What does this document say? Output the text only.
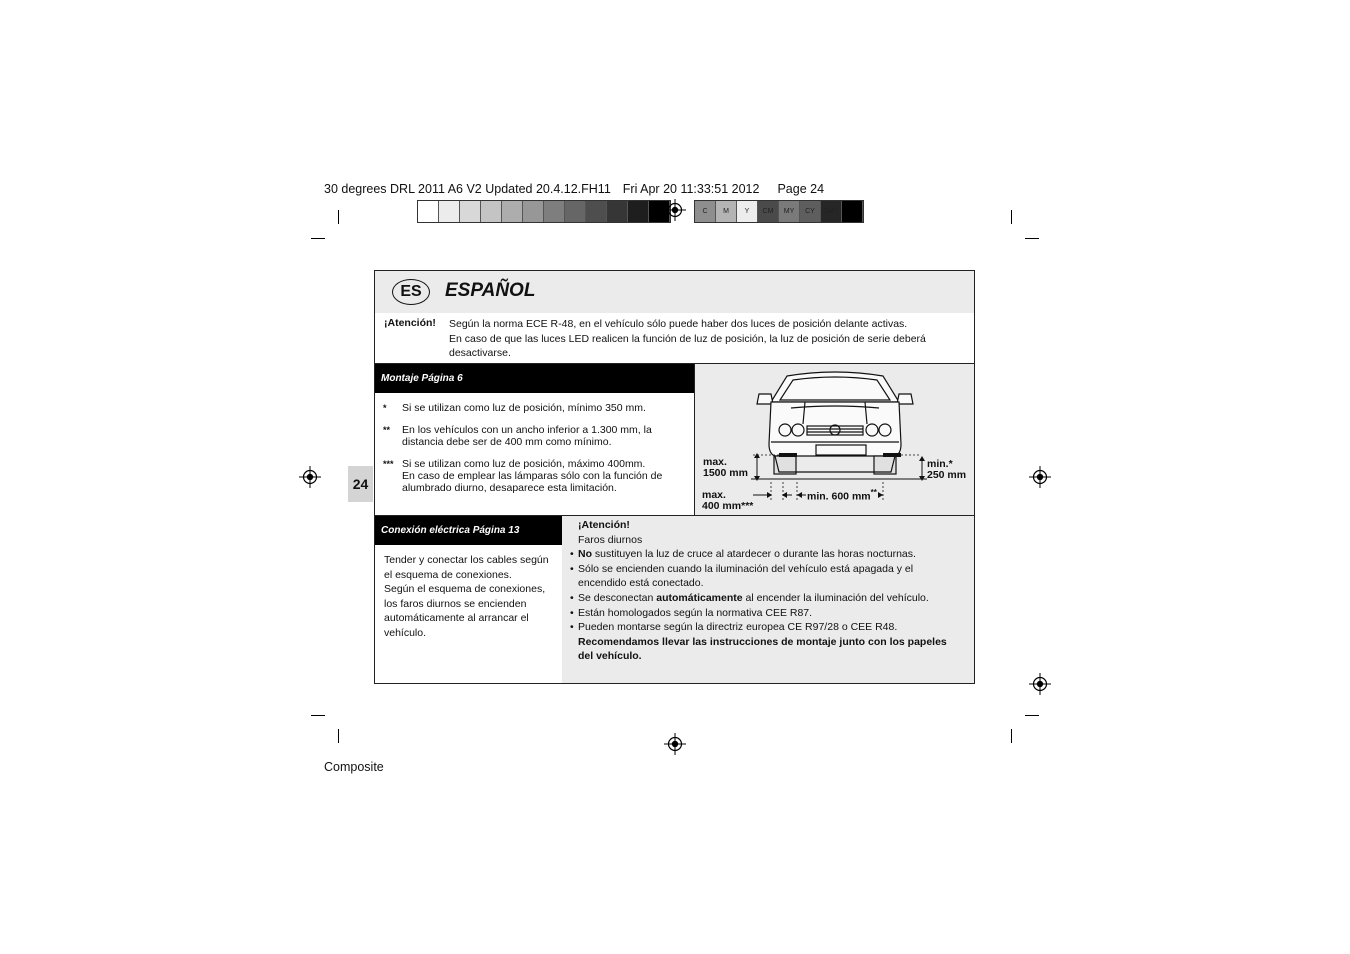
30 degrees DRL 2011 A6 V2 Updated 20.4.12.FH11 Fri Apr 20 11:33:51 2012 Page 24
C	M	Y	CM	MY	CY	CMY
24
ES	ESPAÑOL
¡Atención! Según la norma ECE R-48, en el vehículo sólo puede haber dos luces de posición delante activas.
En caso de que las luces LED realicen la función de luz de posición, la luz de posición de serie deberá
desactivarse.
Montaje Página 6
*	Si se utilizan como luz de posición, mínimo 350 mm.
**	En los vehículos con un ancho inferior a 1.300 mm, la
distancia debe ser de 400 mm como mínimo.
*** Si se utilizan como luz de posición, máximo 400mm.
En caso de emplear las lámparas sólo con la función de
alumbrado diurno, desaparece esta limitación.
max.
1500 mm
max.
400 mm***
min. 600 mm**
min.*
250 mm
Conexión eléctrica Página 13
Tender y conectar los cables según
el esquema de conexiones.
Según el esquema de conexiones,
los faros diurnos se encienden
automáticamente al arrancar el
vehículo.
¡Atención!
Faros diurnos
• No sustituyen la luz de cruce al atardecer o durante las horas nocturnas.
• Sólo se encienden cuando la iluminación del vehículo está apagada y el
encendido está conectado.
• Se desconectan automáticamente al encender la iluminación del vehículo.
• Están homologados según la normativa CEE R87.
• Pueden montarse según la directriz europea CE R97/28 o CEE R48.
Recomendamos llevar las instrucciones de montaje junto con los papeles
del vehículo.
Composite
